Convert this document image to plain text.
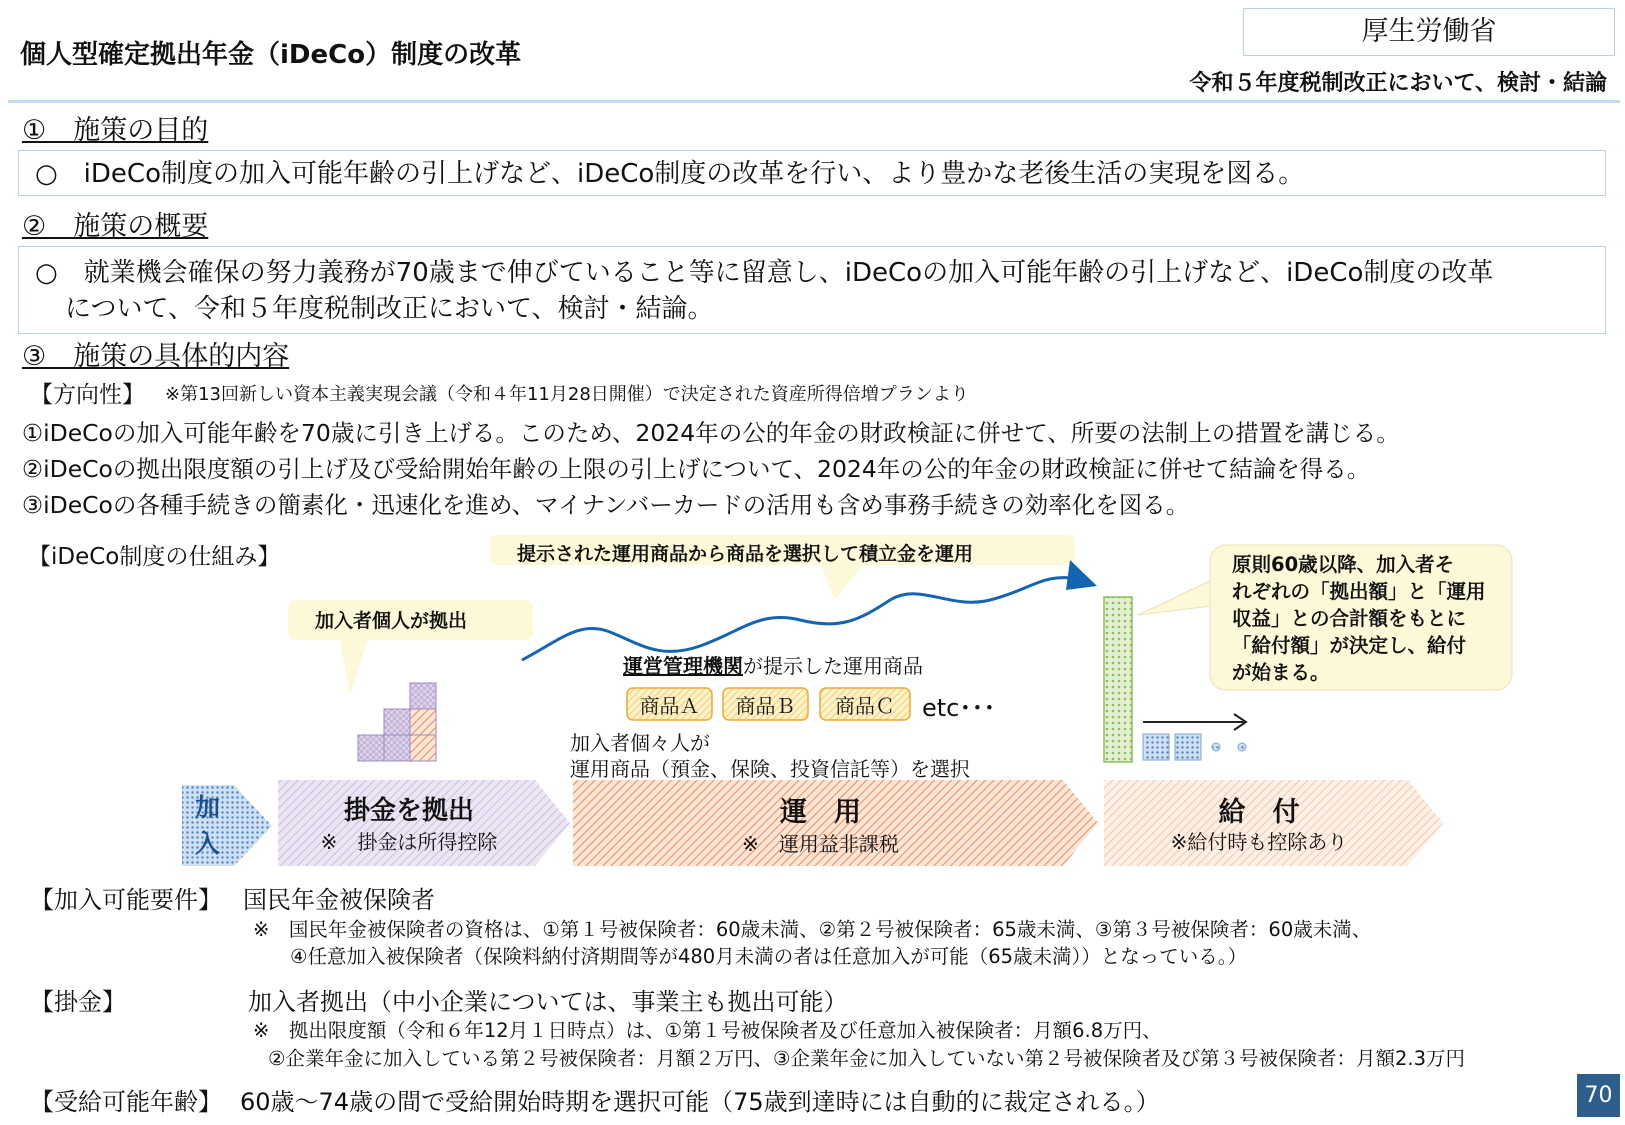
個人型確定拠出年金（iDeCo）制度の改革
厚生労働省
令和５年度税制改正において、検討・結論
①　施策の目的
○　iDeCo制度の加入可能年齢の引上げなど、iDeCo制度の改革を行い、より豊かな老後生活の実現を図る。
②　施策の概要
○　就業機会確保の努力義務が70歳まで伸びていること等に留意し、iDeCoの加入可能年齢の引上げなど、iDeCo制度の改革
について、令和５年度税制改正において、検討・結論。
③　施策の具体的内容
【方向性】 ※第13回新しい資本主義実現会議（令和４年11月28日開催）で決定された資産所得倍増プランより
①iDeCoの加入可能年齢を70歳に引き上げる。このため、2024年の公的年金の財政検証に併せて、所要の法制上の措置を講じる。
②iDeCoの拠出限度額の引上げ及び受給開始年齢の上限の引上げについて、2024年の公的年金の財政検証に併せて結論を得る。
③iDeCoの各種手続きの簡素化・迅速化を進め、マイナンバーカードの活用も含め事務手続きの効率化を図る。
【iDeCo制度の仕組み】	提示された運用商品から商品を選択して積立金を運用
加入者個人が拠出
原則60歳以降、加入者そ
れぞれの「拠出額」と「運用
収益」との合計額をもとに
「給付額」が決定し、給付
が始まる。
運営管理機関が提示した運用商品
商品Ａ	商品Ｂ	商品Ｃ	etc･･･
加入者個々人が
運用商品（預金、保険、投資信託等）を選択
加
入
掛金を拠出
※　掛金は所得控除
運　用
※　運用益非課税
給　付
※給付時も控除あり
【加入可能要件】 国民年金被保険者
※　国民年金被保険者の資格は、①第１号被保険者：60歳未満、②第２号被保険者：65歳未満、③第３号被保険者：60歳未満、
④任意加入被保険者（保険料納付済期間等が480月未満の者は任意加入が可能（65歳未満））となっている。）
【掛金】	加入者拠出（中小企業については、事業主も拠出可能）
※　拠出限度額（令和６年12月１日時点）は、①第１号被保険者及び任意加入被保険者：月額6.8万円、
②企業年金に加入している第２号被保険者：月額２万円、③企業年金に加入していない第２号被保険者及び第３号被保険者：月額2.3万円
【受給可能年齢】 60歳～74歳の間で受給開始時期を選択可能（75歳到達時には自動的に裁定される。）	70
